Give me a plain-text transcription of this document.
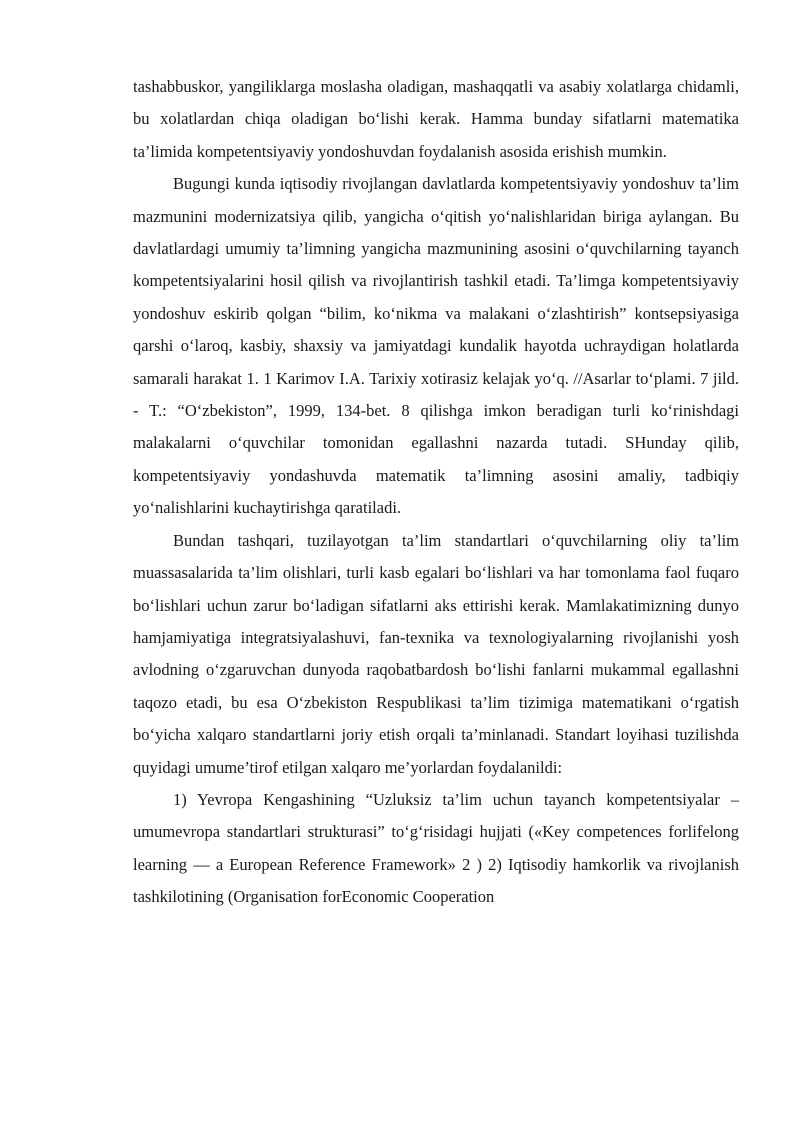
tashabbuskor, yangiliklarga moslasha oladigan, mashaqqatli va asabiy xolatlarga chidamli, bu xolatlardan chiqa oladigan bo‘lishi kerak. Hamma bunday sifatlarni matematika ta’limida kompetentsiyaviy yondoshuvdan foydalanish asosida erishish mumkin.

Bugungi kunda iqtisodiy rivojlangan davlatlarda kompetentsiyaviy yondoshuv ta’lim mazmunini modernizatsiya qilib, yangicha o‘qitish yo‘nalishlaridan biriga aylangan. Bu davlatlardagi umumiy ta’limning yangicha mazmunining asosini o‘quvchilarning tayanch kompetentsiyalarini hosil qilish va rivojlantirish tashkil etadi. Ta’limga kompetentsiyaviy yondoshuv eskirib qolgan “bilim, ko‘nikma va malakani o‘zlashtirish” kontsepsiyasiga qarshi o‘laroq, kasbiy, shaxsiy va jamiyatdagi kundalik hayotda uchraydigan holatlarda samarali harakat 1. 1 Karimov I.A. Tarixiy xotirasiz kelajak yo‘q. //Asarlar to‘plami. 7 jild. - T.: “O‘zbekiston”, 1999, 134-bet. 8 qilishga imkon beradigan turli ko‘rinishdagi malakalarni o‘quvchilar tomonidan egallashni nazarda tutadi. SHunday qilib, kompetentsiyaviy yondashuvda matematik ta’limning asosini amaliy, tadbiqiy yo‘nalishlarini kuchaytirishga qaratiladi.

Bundan tashqari, tuzilayotgan ta’lim standartlari o‘quvchilarning oliy ta’lim muassasalarida ta’lim olishlari, turli kasb egalari bo‘lishlari va har tomonlama faol fuqaro bo‘lishlari uchun zarur bo‘ladigan sifatlarni aks ettirishi kerak. Mamlakatimizning dunyo hamjamiyatiga integratsiyalashuvi, fan-texnika va texnologiyalarning rivojlanishi yosh avlodning o‘zgaruvchan dunyoda raqobatbardosh bo‘lishi fanlarni mukammal egallashni taqozo etadi, bu esa O‘zbekiston Respublikasi ta’lim tizimiga matematikani o‘rgatish bo‘yicha xalqaro standartlarni joriy etish orqali ta’minlanadi. Standart loyihasi tuzilishda quyidagi umume’tirof etilgan xalqaro me’yorlardan foydalanildi:

1) Yevropa Kengashining “Uzluksiz ta’lim uchun tayanch kompetentsiyalar – umumevropa standartlari strukturasi” to‘g‘risidagi hujjati («Key competences forlifelong learning — a European Reference Framework» 2 ) 2) Iqtisodiy hamkorlik va rivojlanish tashkilotining (Organisation forEconomic Cooperation
